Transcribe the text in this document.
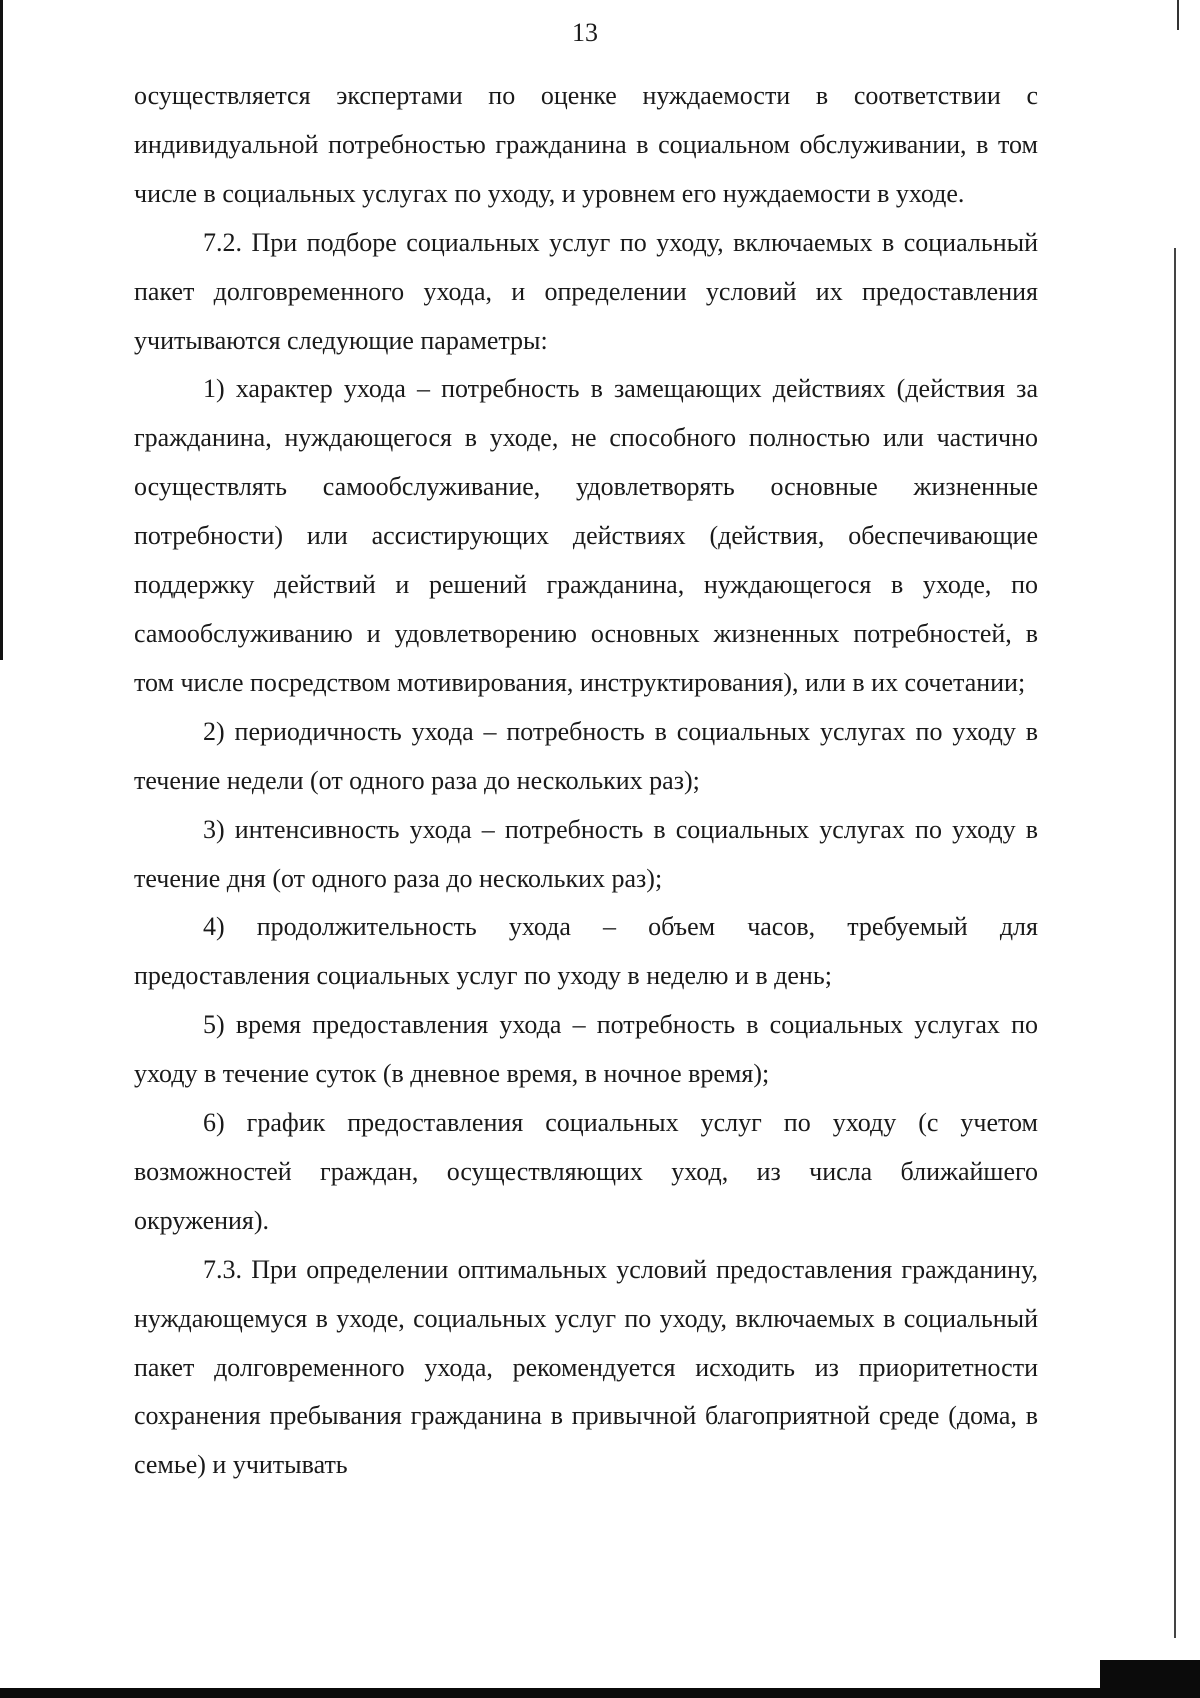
13

осуществляется экспертами по оценке нуждаемости в соответствии с индивидуальной потребностью гражданина в социальном обслуживании, в том числе в социальных услугах по уходу, и уровнем его нуждаемости в уходе.

7.2. При подборе социальных услуг по уходу, включаемых в социальный пакет долговременного ухода, и определении условий их предоставления учитываются следующие параметры:

1) характер ухода – потребность в замещающих действиях (действия за гражданина, нуждающегося в уходе, не способного полностью или частично осуществлять самообслуживание, удовлетворять основные жизненные потребности) или ассистирующих действиях (действия, обеспечивающие поддержку действий и решений гражданина, нуждающегося в уходе, по самообслуживанию и удовлетворению основных жизненных потребностей, в том числе посредством мотивирования, инструктирования), или в их сочетании;

2) периодичность ухода – потребность в социальных услугах по уходу в течение недели (от одного раза до нескольких раз);

3) интенсивность ухода – потребность в социальных услугах по уходу в течение дня (от одного раза до нескольких раз);

4) продолжительность ухода – объем часов, требуемый для предоставления социальных услуг по уходу в неделю и в день;

5) время предоставления ухода – потребность в социальных услугах по уходу в течение суток (в дневное время, в ночное время);

6) график предоставления социальных услуг по уходу (с учетом возможностей граждан, осуществляющих уход, из числа ближайшего окружения).

7.3. При определении оптимальных условий предоставления гражданину, нуждающемуся в уходе, социальных услуг по уходу, включаемых в социальный пакет долговременного ухода, рекомендуется исходить из приоритетности сохранения пребывания гражданина в привычной благоприятной среде (дома, в семье) и учитывать
